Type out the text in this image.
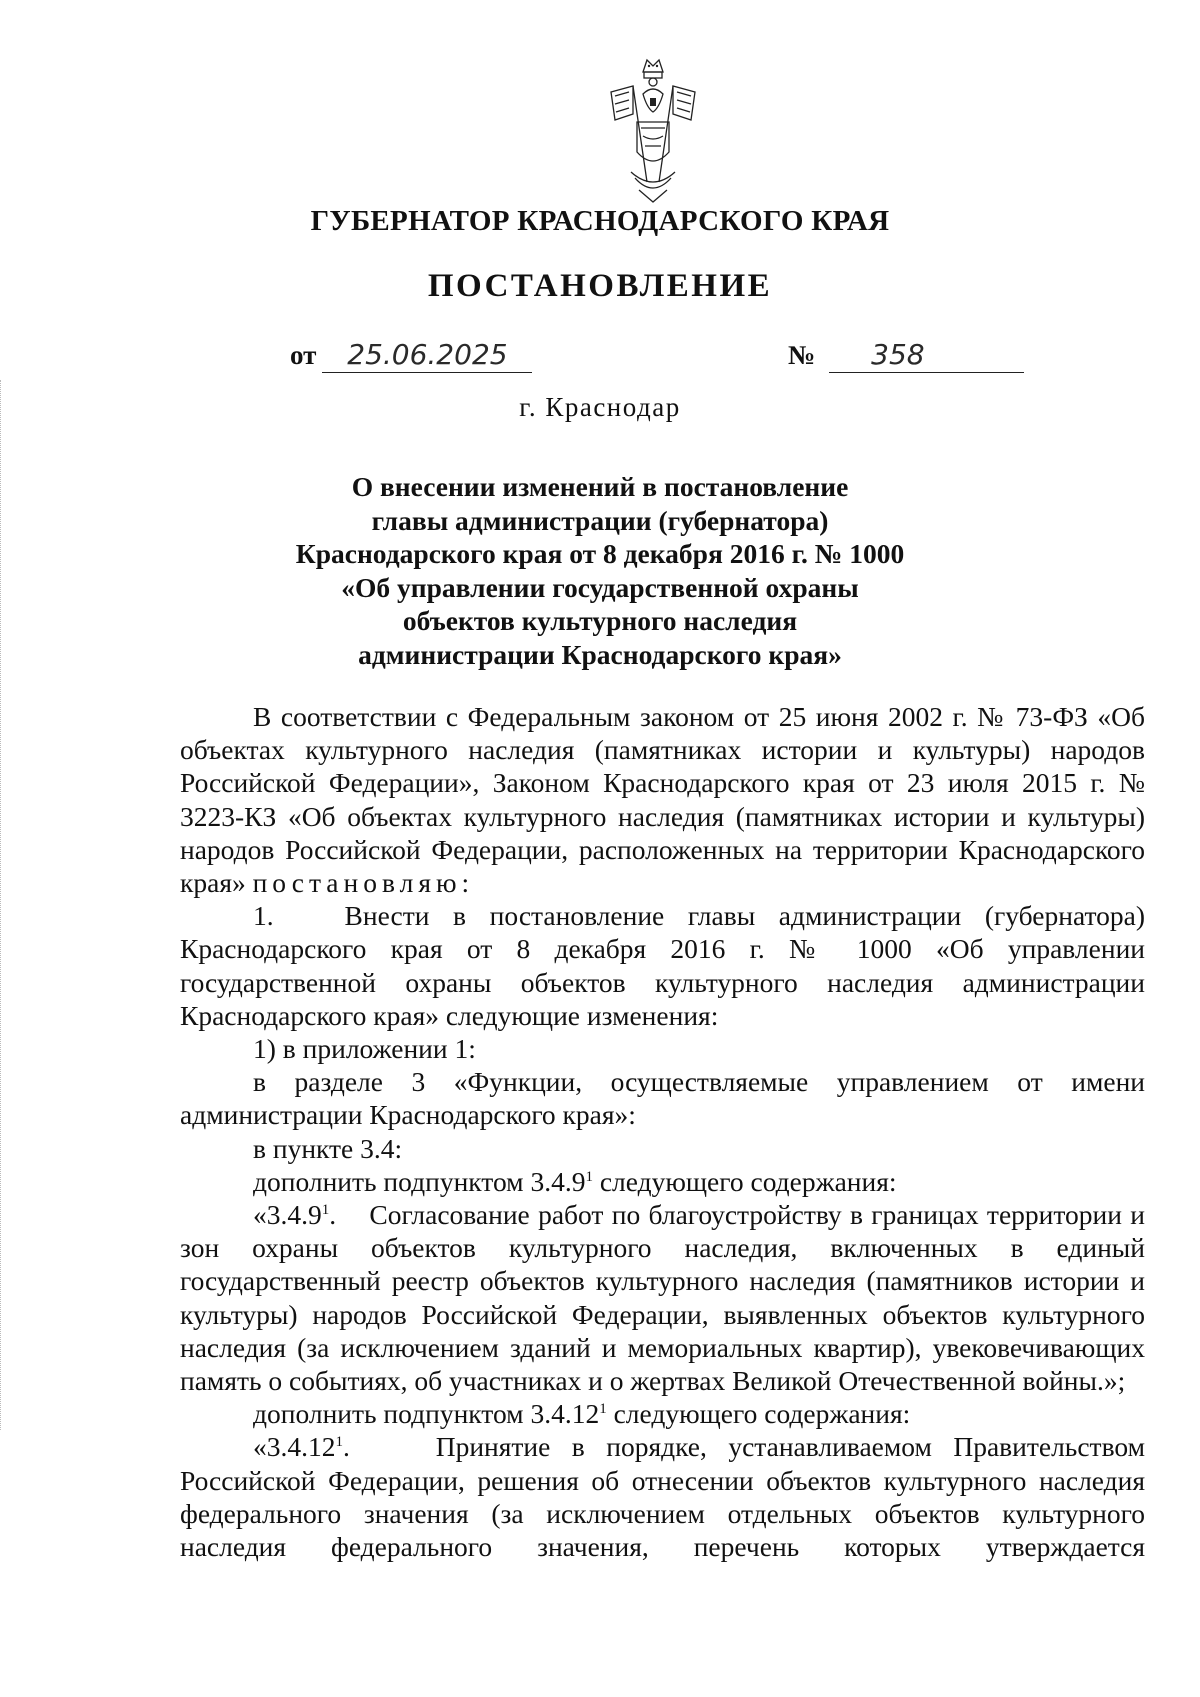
ГУБЕРНАТОР КРАСНОДАРСКОГО КРАЯ
ПОСТАНОВЛЕНИЕ
от 25.06.2025	№ 358
г. Краснодар
О внесении изменений в постановление
главы администрации (губернатора)
Краснодарского края от 8 декабря 2016 г. № 1000
«Об управлении государственной охраны
объектов культурного наследия
администрации Краснодарского края»

В соответствии с Федеральным законом от 25 июня 2002 г. № 73-ФЗ «Об объектах культурного наследия (памятниках истории и культуры) народов Российской Федерации», Законом Краснодарского края от 23 июля 2015 г. № 3223-КЗ «Об объектах культурного наследия (памятниках истории и культуры) народов Российской Федерации, расположенных на территории Краснодарского края» постановляю:

1.   Внести в постановление главы администрации (губернатора) Краснодарского края от 8 декабря 2016 г. № 1000 «Об управлении государственной охраны объектов культурного наследия администрации Краснодарского края» следующие изменения:

1) в приложении 1:

в разделе 3 «Функции, осуществляемые управлением от имени администрации Краснодарского края»:

в пункте 3.4:

дополнить подпунктом 3.4.9$^1$ следующего содержания:

«3.4.9$^1$.    Согласование работ по благоустройству в границах территории и зон охраны объектов культурного наследия, включенных в единый государственный реестр объектов культурного наследия (памятников истории и культуры) народов Российской Федерации, выявленных объектов культурного наследия (за исключением зданий и мемориальных квартир), увековечивающих память о событиях, об участниках и о жертвах Великой Отечественной войны.»;

дополнить подпунктом 3.4.12$^1$ следующего содержания:

«3.4.12$^1$.    Принятие в порядке, устанавливаемом Правительством Российской Федерации, решения об отнесении объектов культурного наследия федерального значения (за исключением отдельных объектов культурного наследия федерального значения, перечень которых утверждается
